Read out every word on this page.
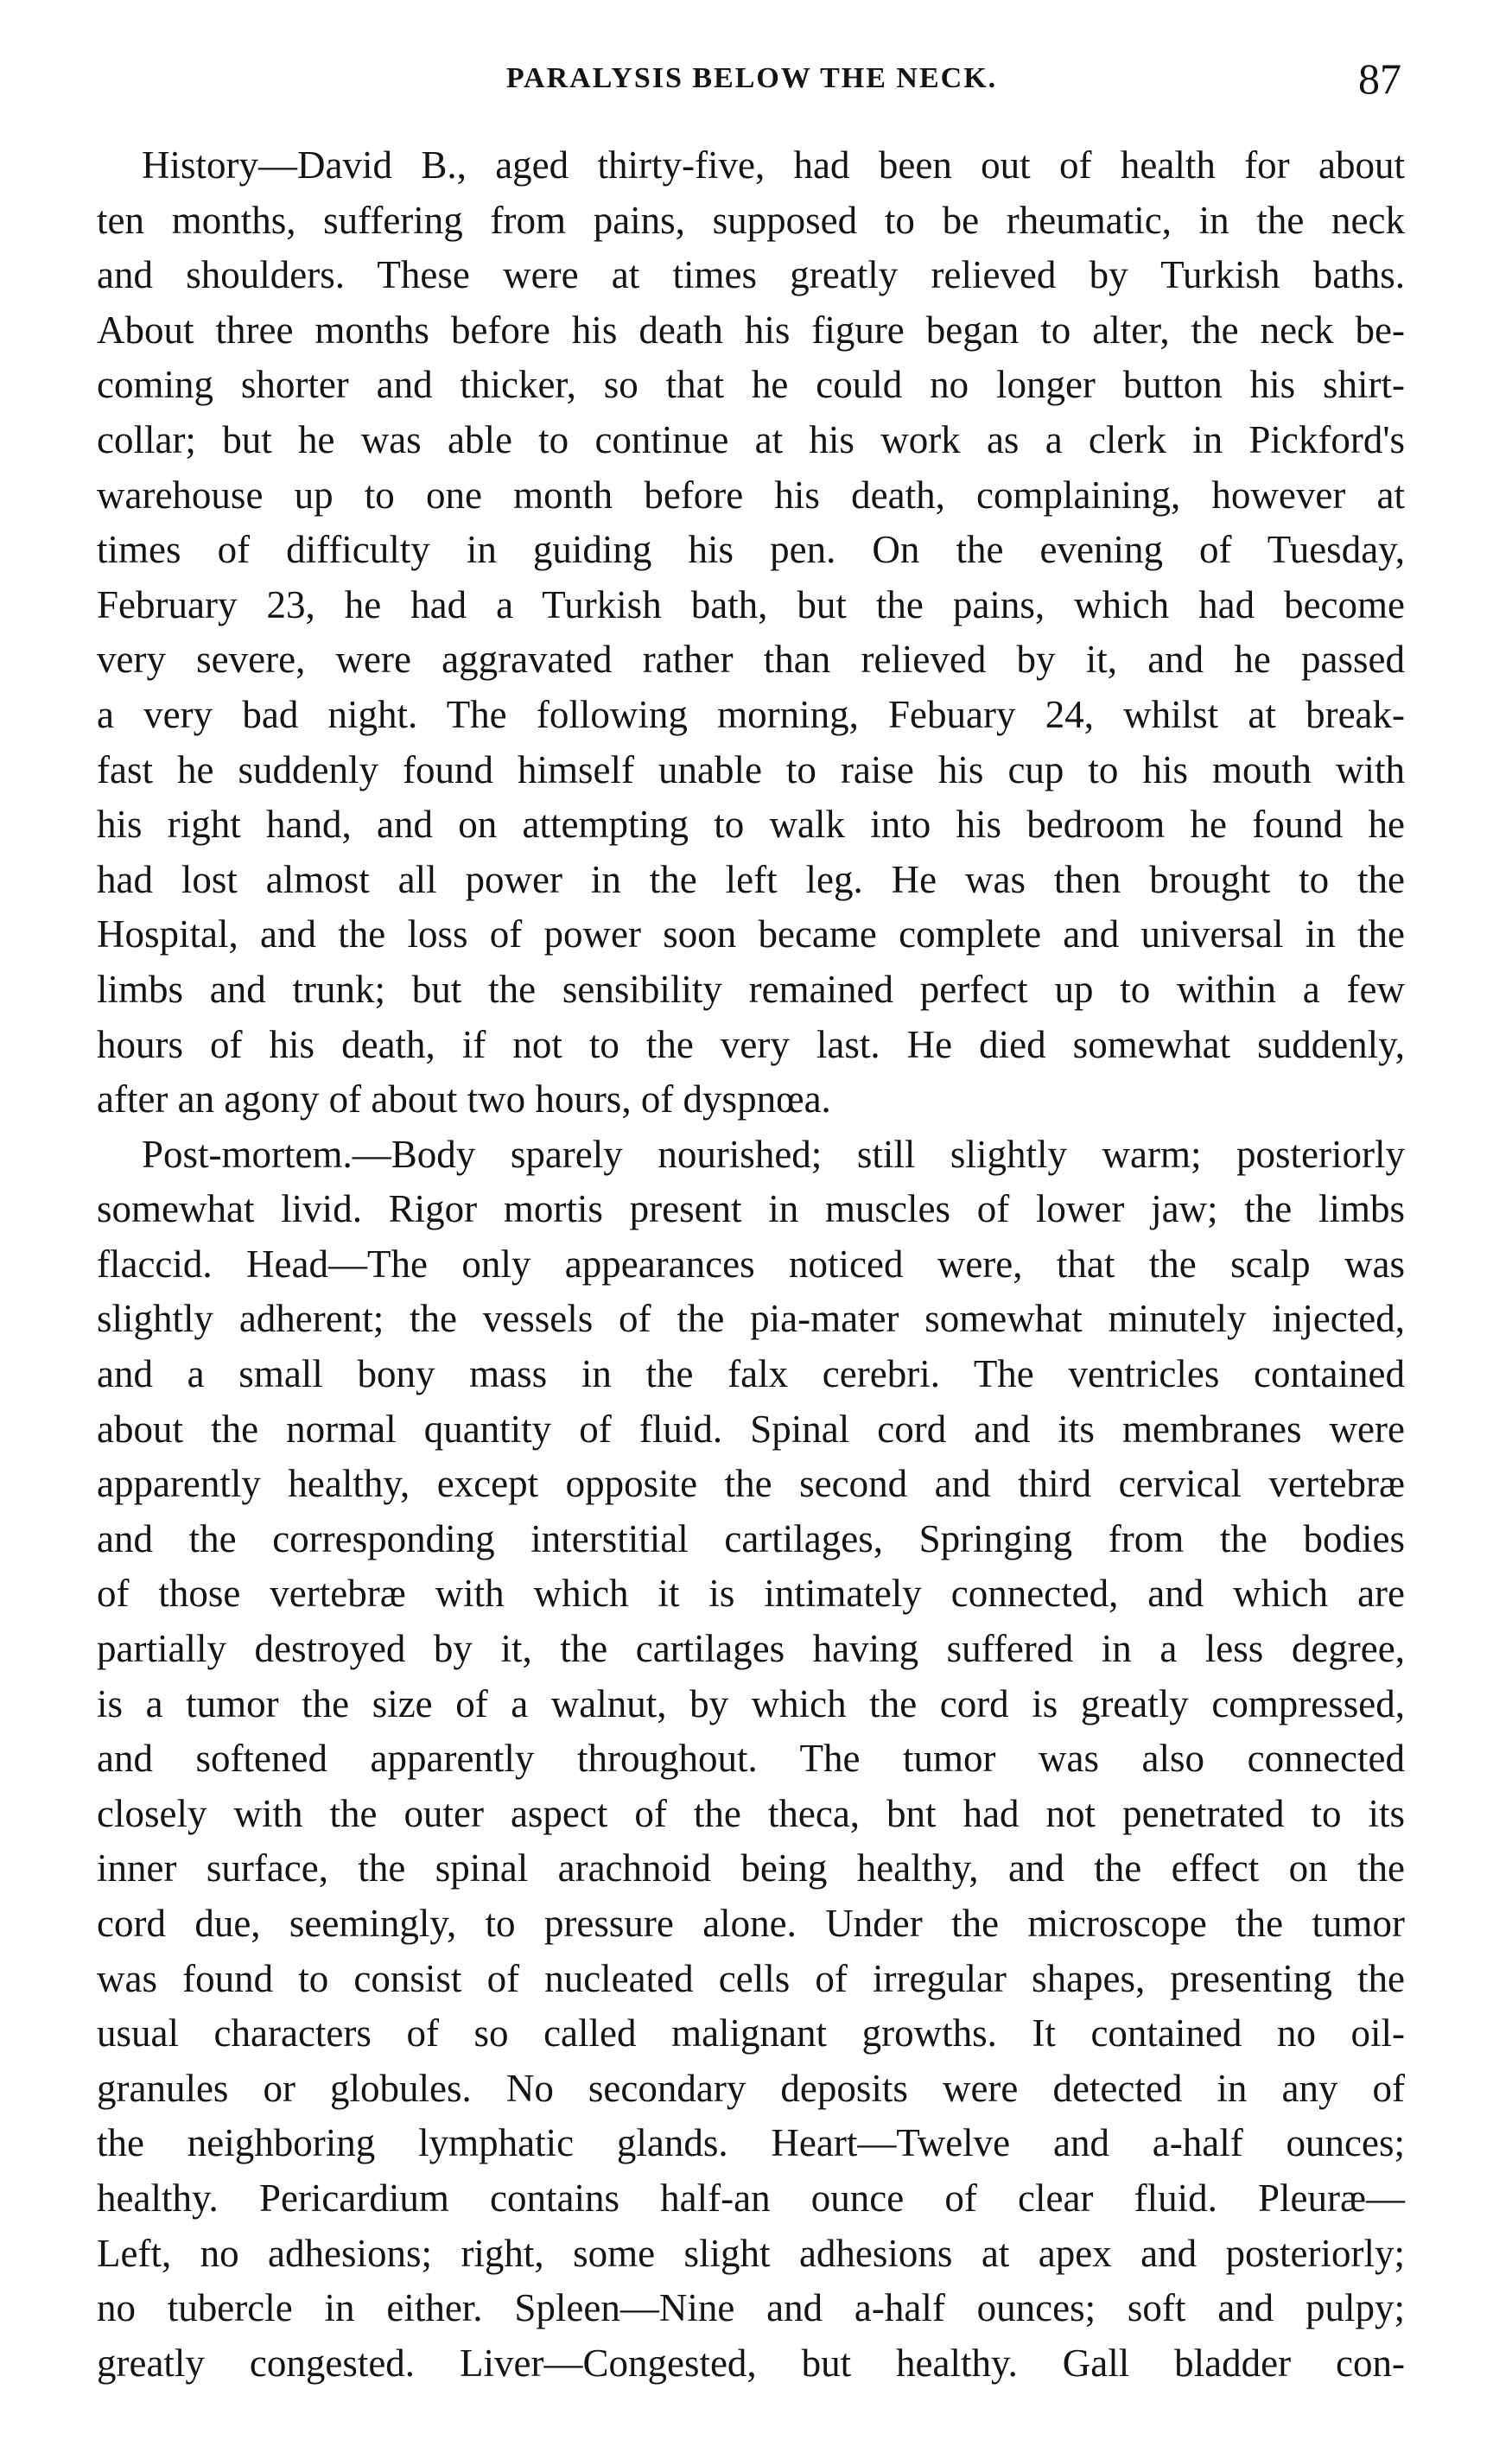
PARALYSIS BELOW THE NECK.	87
History—David B., aged thirty-five, had been out of health for about
ten months, suffering from pains, supposed to be rheumatic, in the neck
and shoulders. These were at times greatly relieved by Turkish baths.
About three months before his death his figure began to alter, the neck be-
coming shorter and thicker, so that he could no longer button his shirt-
collar; but he was able to continue at his work as a clerk in Pickford's
warehouse up to one month before his death, complaining, however at
times of difficulty in guiding his pen. On the evening of Tuesday,
February 23, he had a Turkish bath, but the pains, which had become
very severe, were aggravated rather than relieved by it, and he passed
a very bad night. The following morning, Febuary 24, whilst at break-
fast he suddenly found himself unable to raise his cup to his mouth with
his right hand, and on attempting to walk into his bedroom he found he
had lost almost all power in the left leg. He was then brought to the
Hospital, and the loss of power soon became complete and universal in the
limbs and trunk; but the sensibility remained perfect up to within a few
hours of his death, if not to the very last. He died somewhat suddenly,
after an agony of about two hours, of dyspnœa.
Post-mortem.—Body sparely nourished; still slightly warm; posteriorly
somewhat livid. Rigor mortis present in muscles of lower jaw; the limbs
flaccid. Head—The only appearances noticed were, that the scalp was
slightly adherent; the vessels of the pia-mater somewhat minutely injected,
and a small bony mass in the falx cerebri. The ventricles contained
about the normal quantity of fluid. Spinal cord and its membranes were
apparently healthy, except opposite the second and third cervical vertebræ
and the corresponding interstitial cartilages, Springing from the bodies
of those vertebræ with which it is intimately connected, and which are
partially destroyed by it, the cartilages having suffered in a less degree,
is a tumor the size of a walnut, by which the cord is greatly compressed,
and softened apparently throughout. The tumor was also connected
closely with the outer aspect of the theca, bnt had not penetrated to its
inner surface, the spinal arachnoid being healthy, and the effect on the
cord due, seemingly, to pressure alone. Under the microscope the tumor
was found to consist of nucleated cells of irregular shapes, presenting the
usual characters of so called malignant growths. It contained no oil-
granules or globules. No secondary deposits were detected in any of
the neighboring lymphatic glands. Heart—Twelve and a-half ounces;
healthy. Pericardium contains half-an ounce of clear fluid. Pleuræ—
Left, no adhesions; right, some slight adhesions at apex and posteriorly;
no tubercle in either. Spleen—Nine and a-half ounces; soft and pulpy;
greatly congested. Liver—Congested, but healthy. Gall bladder con-
